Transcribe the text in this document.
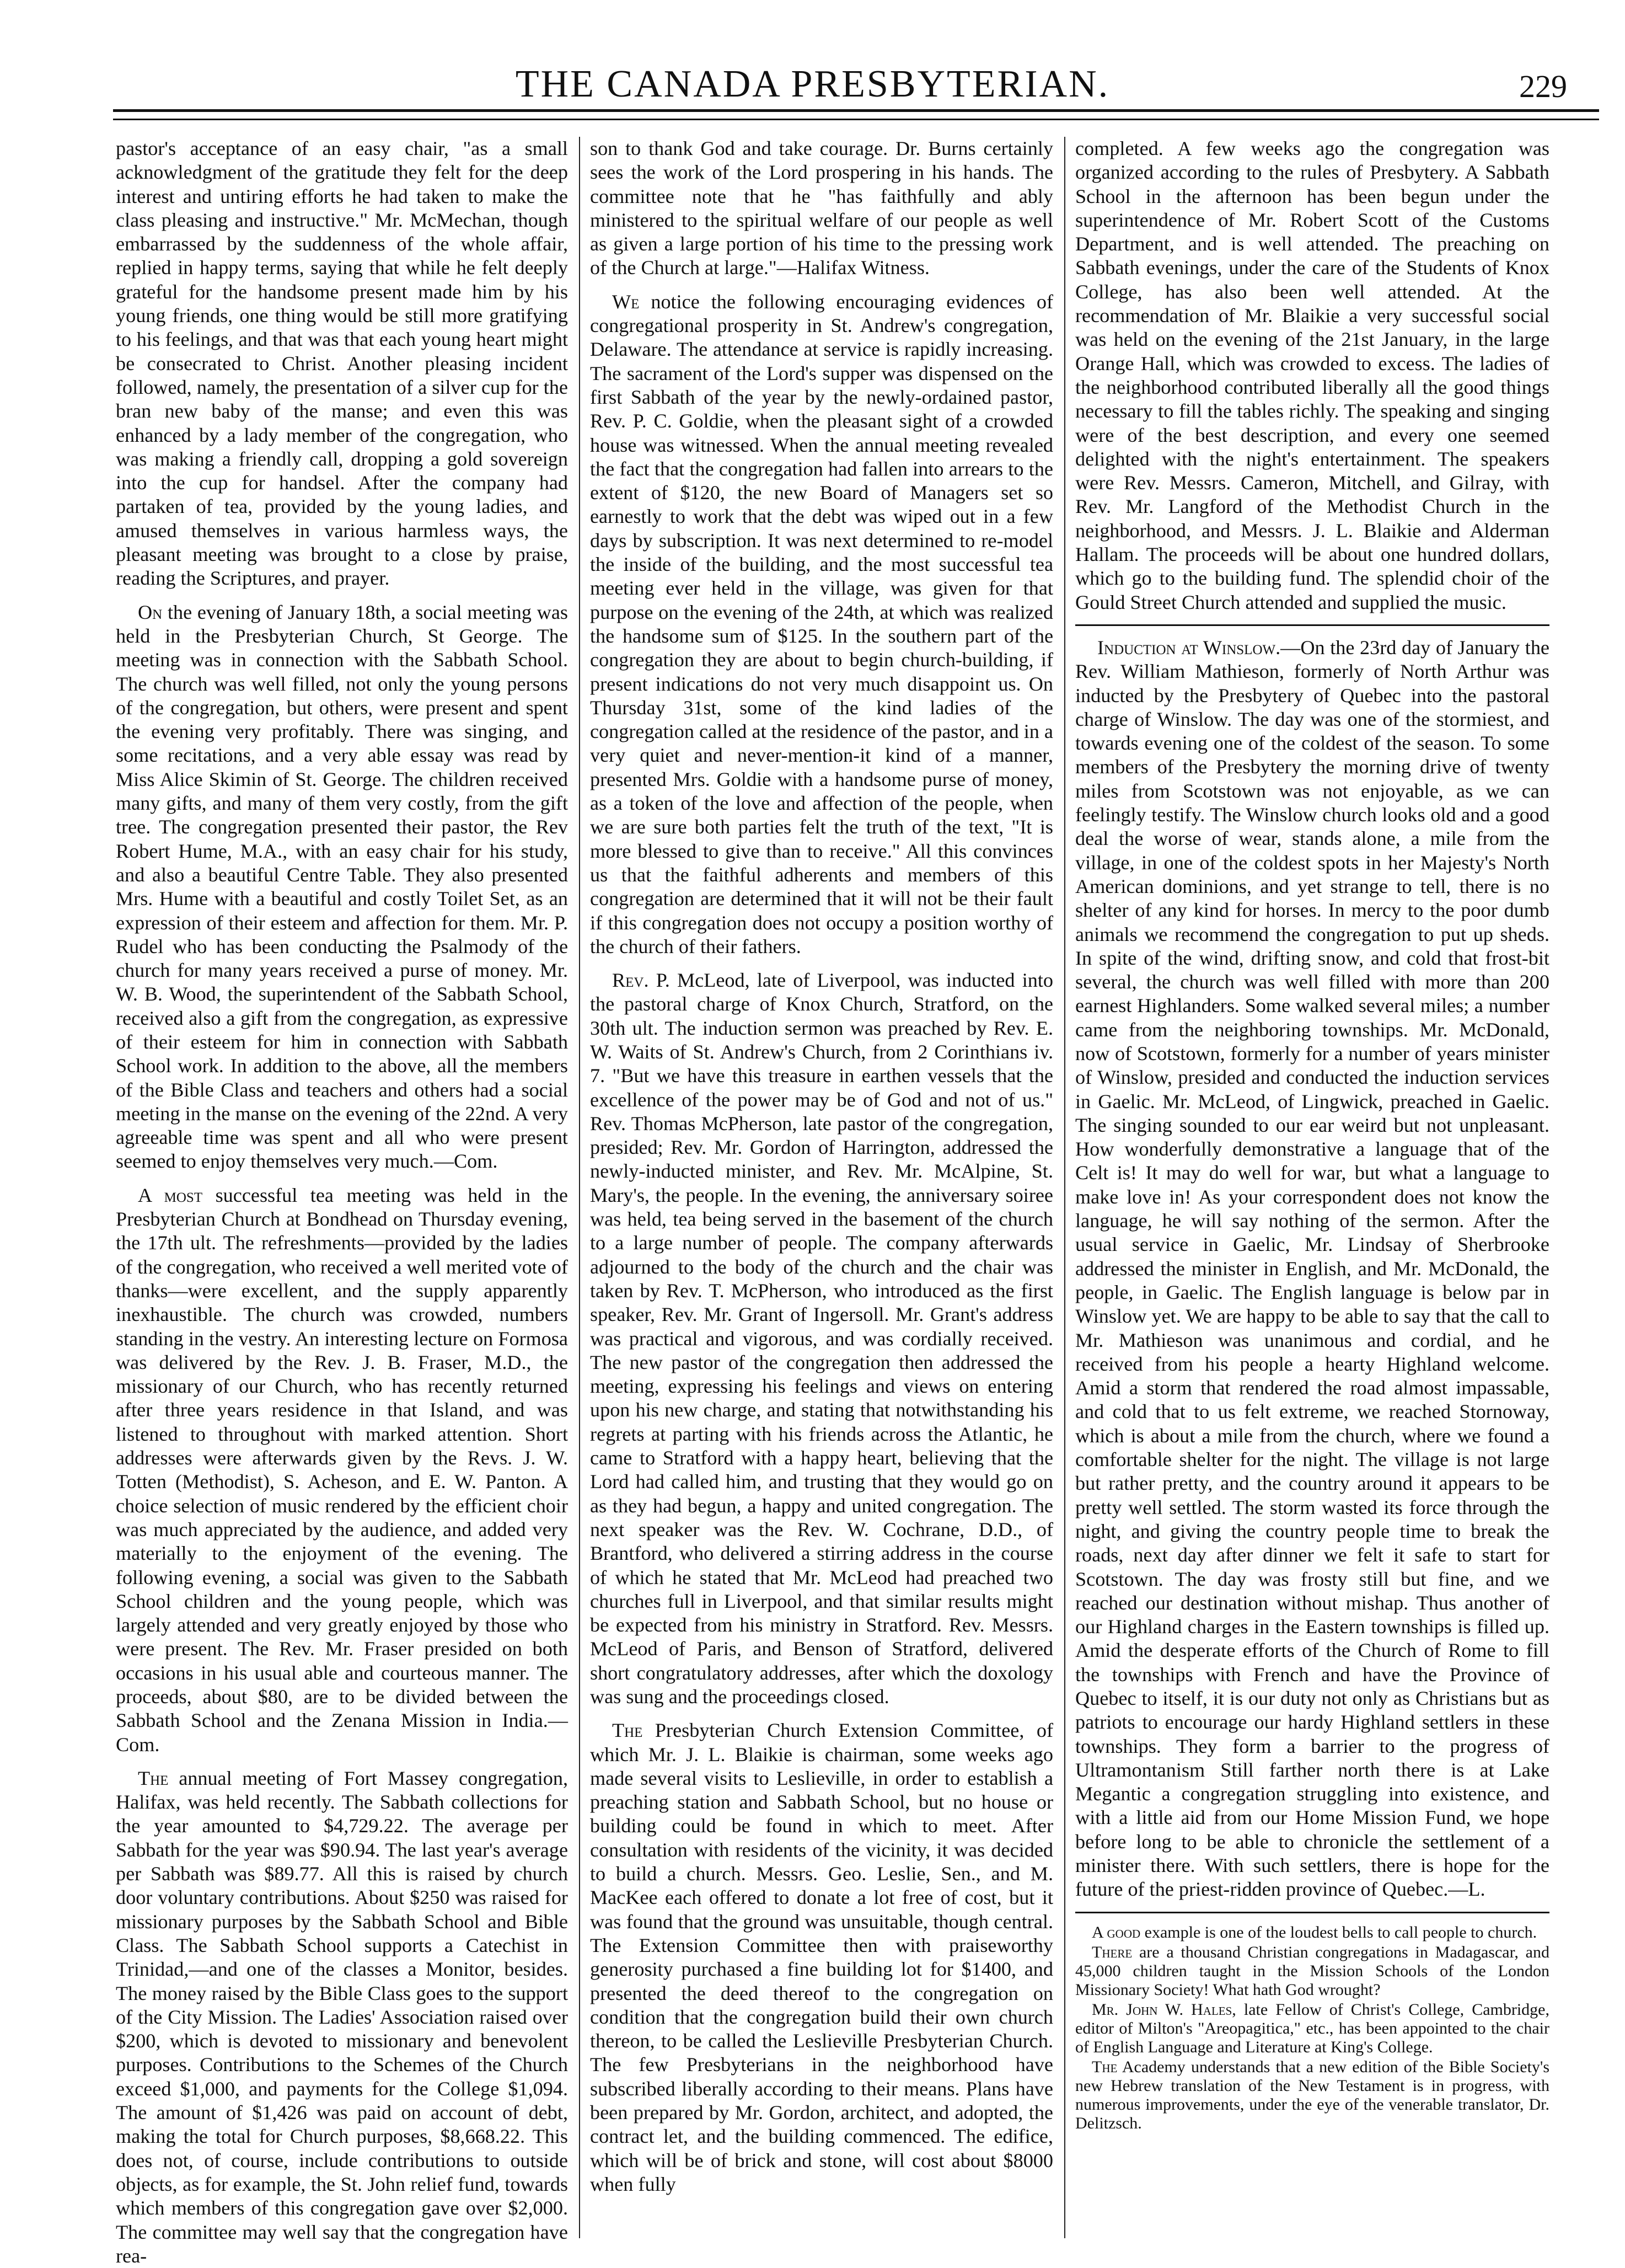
THE CANADA PRESBYTERIAN.	229

pastor's acceptance of an easy chair, "as a small acknowledgment of the gratitude they felt for the deep interest and untiring efforts he had taken to make the class pleasing and instructive." Mr. McMechan, though embarrassed by the suddenness of the whole affair, replied in happy terms, saying that while he felt deeply grateful for the handsome present made him by his young friends, one thing would be still more gratifying to his feelings, and that was that each young heart might be consecrated to Christ. Another pleasing incident followed, namely, the presentation of a silver cup for the bran new baby of the manse; and even this was enhanced by a lady member of the congregation, who was making a friendly call, dropping a gold sovereign into the cup for handsel. After the company had partaken of tea, provided by the young ladies, and amused themselves in various harmless ways, the pleasant meeting was brought to a close by praise, reading the Scriptures, and prayer.

On the evening of January 18th, a social meeting was held in the Presbyterian Church, St George. The meeting was in connection with the Sabbath School. The church was well filled, not only the young persons of the congregation, but others, were present and spent the evening very profitably. There was singing, and some recitations, and a very able essay was read by Miss Alice Skimin of St. George. The children received many gifts, and many of them very costly, from the gift tree. The congregation presented their pastor, the Rev Robert Hume, M.A., with an easy chair for his study, and also a beautiful Centre Table. They also presented Mrs. Hume with a beautiful and costly Toilet Set, as an expression of their esteem and affection for them. Mr. P. Rudel who has been conducting the Psalmody of the church for many years received a purse of money. Mr. W. B. Wood, the superintendent of the Sabbath School, received also a gift from the congregation, as expressive of their esteem for him in connection with Sabbath School work. In addition to the above, all the members of the Bible Class and teachers and others had a social meeting in the manse on the evening of the 22nd. A very agreeable time was spent and all who were present seemed to enjoy themselves very much.—Com.

A most successful tea meeting was held in the Presbyterian Church at Bondhead on Thursday evening, the 17th ult. The refreshments—provided by the ladies of the congregation, who received a well merited vote of thanks—were excellent, and the supply apparently inexhaustible. The church was crowded, numbers standing in the vestry. An interesting lecture on Formosa was delivered by the Rev. J. B. Fraser, M.D., the missionary of our Church, who has recently returned after three years residence in that Island, and was listened to throughout with marked attention. Short addresses were afterwards given by the Revs. J. W. Totten (Methodist), S. Acheson, and E. W. Panton. A choice selection of music rendered by the efficient choir was much appreciated by the audience, and added very materially to the enjoyment of the evening. The following evening, a social was given to the Sabbath School children and the young people, which was largely attended and very greatly enjoyed by those who were present. The Rev. Mr. Fraser presided on both occasions in his usual able and courteous manner. The proceeds, about $80, are to be divided between the Sabbath School and the Zenana Mission in India.—Com.

The annual meeting of Fort Massey congregation, Halifax, was held recently. The Sabbath collections for the year amounted to $4,729.22. The average per Sabbath for the year was $90.94. The last year's average per Sabbath was $89.77. All this is raised by church door voluntary contributions. About $250 was raised for missionary purposes by the Sabbath School and Bible Class. The Sabbath School supports a Catechist in Trinidad,—and one of the classes a Monitor, besides. The money raised by the Bible Class goes to the support of the City Mission. The Ladies' Association raised over $200, which is devoted to missionary and benevolent purposes. Contributions to the Schemes of the Church exceed $1,000, and payments for the College $1,094. The amount of $1,426 was paid on account of debt, making the total for Church purposes, $8,668.22. This does not, of course, include contributions to outside objects, as for example, the St. John relief fund, towards which members of this congregation gave over $2,000. The committee may well say that the congregation have rea-

son to thank God and take courage. Dr. Burns certainly sees the work of the Lord prospering in his hands. The committee note that he "has faithfully and ably ministered to the spiritual welfare of our people as well as given a large portion of his time to the pressing work of the Church at large."—Halifax Witness.

We notice the following encouraging evidences of congregational prosperity in St. Andrew's congregation, Delaware. The attendance at service is rapidly increasing. The sacrament of the Lord's supper was dispensed on the first Sabbath of the year by the newly-ordained pastor, Rev. P. C. Goldie, when the pleasant sight of a crowded house was witnessed. When the annual meeting revealed the fact that the congregation had fallen into arrears to the extent of $120, the new Board of Managers set so earnestly to work that the debt was wiped out in a few days by subscription. It was next determined to re-model the inside of the building, and the most successful tea meeting ever held in the village, was given for that purpose on the evening of the 24th, at which was realized the handsome sum of $125. In the southern part of the congregation they are about to begin church-building, if present indications do not very much disappoint us. On Thursday 31st, some of the kind ladies of the congregation called at the residence of the pastor, and in a very quiet and never-mention-it kind of a manner, presented Mrs. Goldie with a handsome purse of money, as a token of the love and affection of the people, when we are sure both parties felt the truth of the text, "It is more blessed to give than to receive." All this convinces us that the faithful adherents and members of this congregation are determined that it will not be their fault if this congregation does not occupy a position worthy of the church of their fathers.

Rev. P. McLeod, late of Liverpool, was inducted into the pastoral charge of Knox Church, Stratford, on the 30th ult. The induction sermon was preached by Rev. E. W. Waits of St. Andrew's Church, from 2 Corinthians iv. 7. "But we have this treasure in earthen vessels that the excellence of the power may be of God and not of us." Rev. Thomas McPherson, late pastor of the congregation, presided; Rev. Mr. Gordon of Harrington, addressed the newly-inducted minister, and Rev. Mr. McAlpine, St. Mary's, the people. In the evening, the anniversary soiree was held, tea being served in the basement of the church to a large number of people. The company afterwards adjourned to the body of the church and the chair was taken by Rev. T. McPherson, who introduced as the first speaker, Rev. Mr. Grant of Ingersoll. Mr. Grant's address was practical and vigorous, and was cordially received. The new pastor of the congregation then addressed the meeting, expressing his feelings and views on entering upon his new charge, and stating that notwithstanding his regrets at parting with his friends across the Atlantic, he came to Stratford with a happy heart, believing that the Lord had called him, and trusting that they would go on as they had begun, a happy and united congregation. The next speaker was the Rev. W. Cochrane, D.D., of Brantford, who delivered a stirring address in the course of which he stated that Mr. McLeod had preached two churches full in Liverpool, and that similar results might be expected from his ministry in Stratford. Rev. Messrs. McLeod of Paris, and Benson of Stratford, delivered short congratulatory addresses, after which the doxology was sung and the proceedings closed.

The Presbyterian Church Extension Committee, of which Mr. J. L. Blaikie is chairman, some weeks ago made several visits to Leslieville, in order to establish a preaching station and Sabbath School, but no house or building could be found in which to meet. After consultation with residents of the vicinity, it was decided to build a church. Messrs. Geo. Leslie, Sen., and M. MacKee each offered to donate a lot free of cost, but it was found that the ground was unsuitable, though central. The Extension Committee then with praiseworthy generosity purchased a fine building lot for $1400, and presented the deed thereof to the congregation on condition that the congregation build their own church thereon, to be called the Leslieville Presbyterian Church. The few Presbyterians in the neighborhood have subscribed liberally according to their means. Plans have been prepared by Mr. Gordon, architect, and adopted, the contract let, and the building commenced. The edifice, which will be of brick and stone, will cost about $8000 when fully

completed. A few weeks ago the congregation was organized according to the rules of Presbytery. A Sabbath School in the afternoon has been begun under the superintendence of Mr. Robert Scott of the Customs Department, and is well attended. The preaching on Sabbath evenings, under the care of the Students of Knox College, has also been well attended. At the recommendation of Mr. Blaikie a very successful social was held on the evening of the 21st January, in the large Orange Hall, which was crowded to excess. The ladies of the neighborhood contributed liberally all the good things necessary to fill the tables richly. The speaking and singing were of the best description, and every one seemed delighted with the night's entertainment. The speakers were Rev. Messrs. Cameron, Mitchell, and Gilray, with Rev. Mr. Langford of the Methodist Church in the neighborhood, and Messrs. J. L. Blaikie and Alderman Hallam. The proceeds will be about one hundred dollars, which go to the building fund. The splendid choir of the Gould Street Church attended and supplied the music.

Induction at Winslow.—On the 23rd day of January the Rev. William Mathieson, formerly of North Arthur was inducted by the Presbytery of Quebec into the pastoral charge of Winslow. The day was one of the stormiest, and towards evening one of the coldest of the season. To some members of the Presbytery the morning drive of twenty miles from Scotstown was not enjoyable, as we can feelingly testify. The Winslow church looks old and a good deal the worse of wear, stands alone, a mile from the village, in one of the coldest spots in her Majesty's North American dominions, and yet strange to tell, there is no shelter of any kind for horses. In mercy to the poor dumb animals we recommend the congregation to put up sheds. In spite of the wind, drifting snow, and cold that frost-bit several, the church was well filled with more than 200 earnest Highlanders. Some walked several miles; a number came from the neighboring townships. Mr. McDonald, now of Scotstown, formerly for a number of years minister of Winslow, presided and conducted the induction services in Gaelic. Mr. McLeod, of Lingwick, preached in Gaelic. The singing sounded to our ear weird but not unpleasant. How wonderfully demonstrative a language that of the Celt is! It may do well for war, but what a language to make love in! As your correspondent does not know the language, he will say nothing of the sermon. After the usual service in Gaelic, Mr. Lindsay of Sherbrooke addressed the minister in English, and Mr. McDonald, the people, in Gaelic. The English language is below par in Winslow yet. We are happy to be able to say that the call to Mr. Mathieson was unanimous and cordial, and he received from his people a hearty Highland welcome. Amid a storm that rendered the road almost impassable, and cold that to us felt extreme, we reached Stornoway, which is about a mile from the church, where we found a comfortable shelter for the night. The village is not large but rather pretty, and the country around it appears to be pretty well settled. The storm wasted its force through the night, and giving the country people time to break the roads, next day after dinner we felt it safe to start for Scotstown. The day was frosty still but fine, and we reached our destination without mishap. Thus another of our Highland charges in the Eastern townships is filled up. Amid the desperate efforts of the Church of Rome to fill the townships with French and have the Province of Quebec to itself, it is our duty not only as Christians but as patriots to encourage our hardy Highland settlers in these townships. They form a barrier to the progress of Ultramontanism Still farther north there is at Lake Megantic a congregation struggling into existence, and with a little aid from our Home Mission Fund, we hope before long to be able to chronicle the settlement of a minister there. With such settlers, there is hope for the future of the priest-ridden province of Quebec.—L.

A good example is one of the loudest bells to call people to church.

There are a thousand Christian congregations in Madagascar, and 45,000 children taught in the Mission Schools of the London Missionary Society! What hath God wrought?

Mr. John W. Hales, late Fellow of Christ's College, Cambridge, editor of Milton's "Areopagitica," etc., has been appointed to the chair of English Language and Literature at King's College.

The Academy understands that a new edition of the Bible Society's new Hebrew translation of the New Testament is in progress, with numerous improvements, under the eye of the venerable translator, Dr. Delitzsch.
